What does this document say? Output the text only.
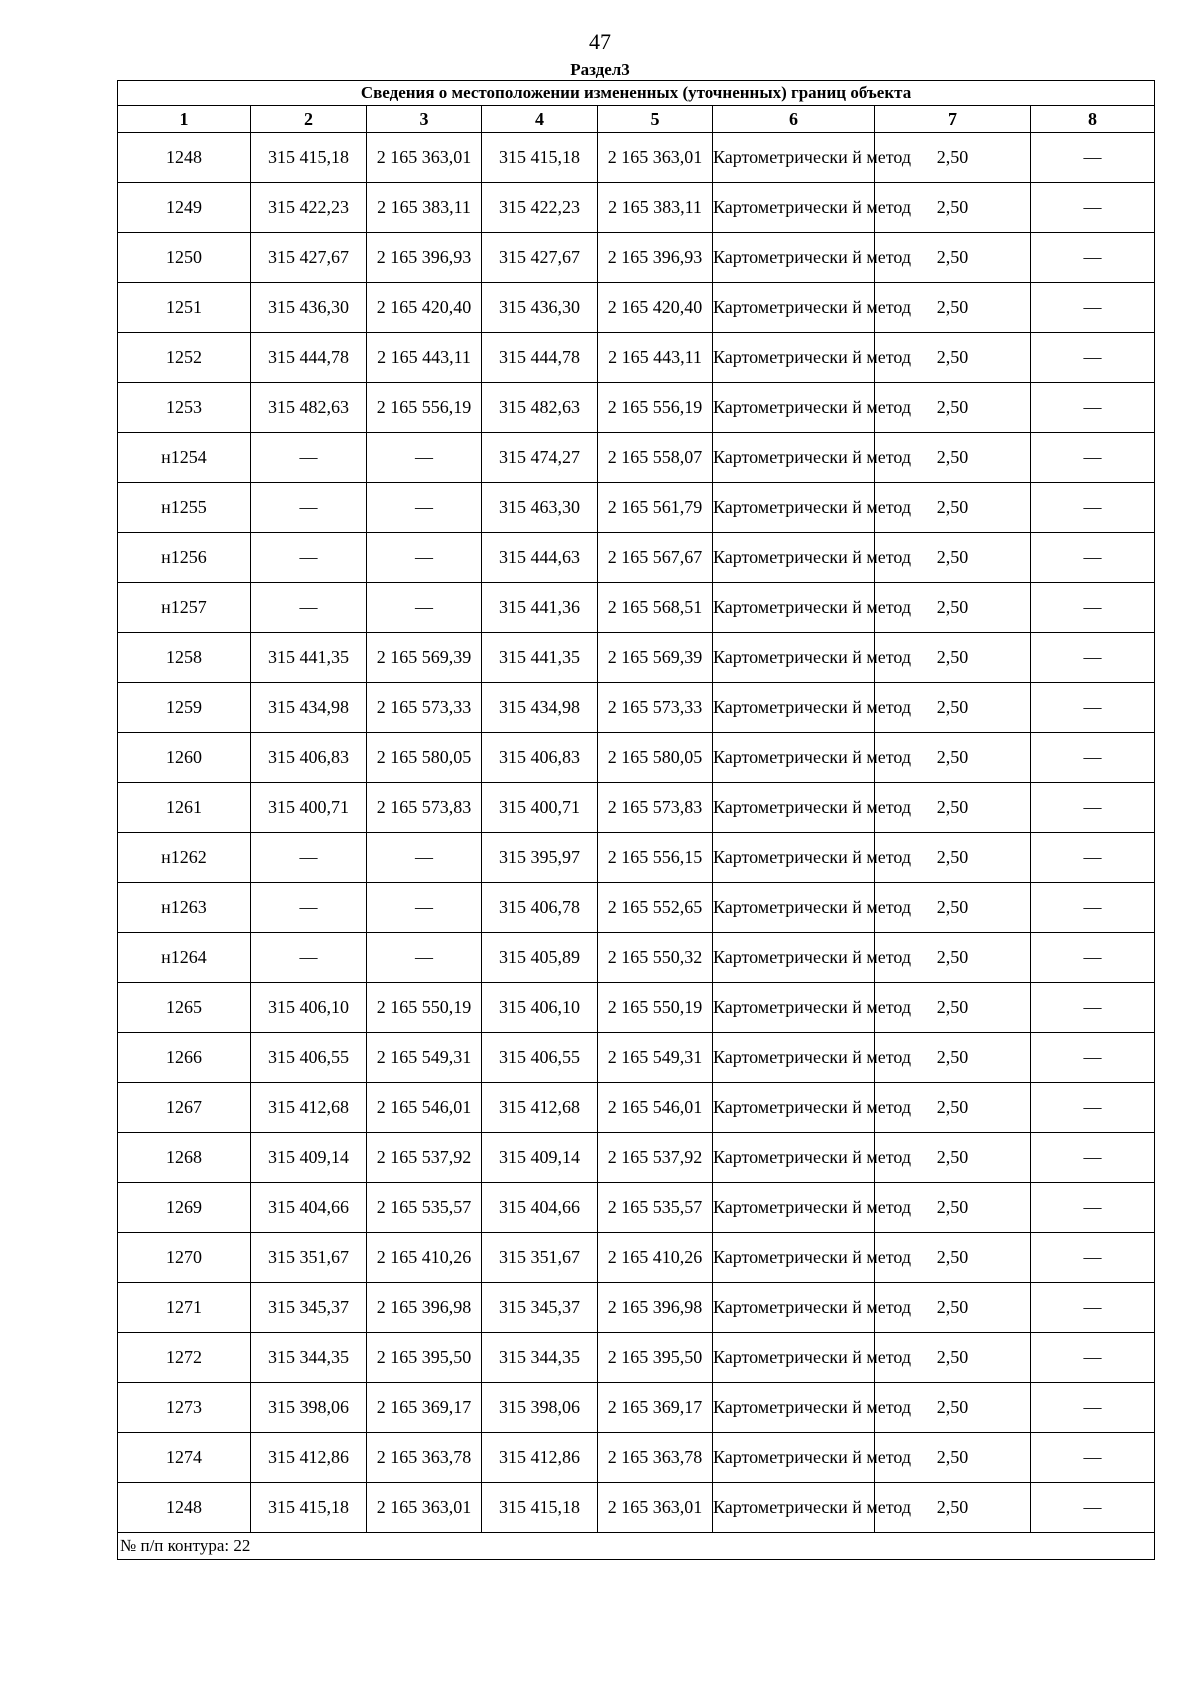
47
Раздел3
Сведения о местоположении измененных (уточненных) границ объекта							
1	2	3	4	5	6	7	8
1248	315 415,18	2 165 363,01	315 415,18	2 165 363,01	Картометрически й метод	2,50	—
1249	315 422,23	2 165 383,11	315 422,23	2 165 383,11	Картометрически й метод	2,50	—
1250	315 427,67	2 165 396,93	315 427,67	2 165 396,93	Картометрически й метод	2,50	—
1251	315 436,30	2 165 420,40	315 436,30	2 165 420,40	Картометрически й метод	2,50	—
1252	315 444,78	2 165 443,11	315 444,78	2 165 443,11	Картометрически й метод	2,50	—
1253	315 482,63	2 165 556,19	315 482,63	2 165 556,19	Картометрически й метод	2,50	—
н1254	—	—	315 474,27	2 165 558,07	Картометрически й метод	2,50	—
н1255	—	—	315 463,30	2 165 561,79	Картометрически й метод	2,50	—
н1256	—	—	315 444,63	2 165 567,67	Картометрически й метод	2,50	—
н1257	—	—	315 441,36	2 165 568,51	Картометрически й метод	2,50	—
1258	315 441,35	2 165 569,39	315 441,35	2 165 569,39	Картометрически й метод	2,50	—
1259	315 434,98	2 165 573,33	315 434,98	2 165 573,33	Картометрически й метод	2,50	—
1260	315 406,83	2 165 580,05	315 406,83	2 165 580,05	Картометрически й метод	2,50	—
1261	315 400,71	2 165 573,83	315 400,71	2 165 573,83	Картометрически й метод	2,50	—
н1262	—	—	315 395,97	2 165 556,15	Картометрически й метод	2,50	—
н1263	—	—	315 406,78	2 165 552,65	Картометрически й метод	2,50	—
н1264	—	—	315 405,89	2 165 550,32	Картометрически й метод	2,50	—
1265	315 406,10	2 165 550,19	315 406,10	2 165 550,19	Картометрически й метод	2,50	—
1266	315 406,55	2 165 549,31	315 406,55	2 165 549,31	Картометрически й метод	2,50	—
1267	315 412,68	2 165 546,01	315 412,68	2 165 546,01	Картометрически й метод	2,50	—
1268	315 409,14	2 165 537,92	315 409,14	2 165 537,92	Картометрически й метод	2,50	—
1269	315 404,66	2 165 535,57	315 404,66	2 165 535,57	Картометрически й метод	2,50	—
1270	315 351,67	2 165 410,26	315 351,67	2 165 410,26	Картометрически й метод	2,50	—
1271	315 345,37	2 165 396,98	315 345,37	2 165 396,98	Картометрически й метод	2,50	—
1272	315 344,35	2 165 395,50	315 344,35	2 165 395,50	Картометрически й метод	2,50	—
1273	315 398,06	2 165 369,17	315 398,06	2 165 369,17	Картометрически й метод	2,50	—
1274	315 412,86	2 165 363,78	315 412,86	2 165 363,78	Картометрически й метод	2,50	—
1248	315 415,18	2 165 363,01	315 415,18	2 165 363,01	Картометрически й метод	2,50	—
№ п/п контура: 22							
